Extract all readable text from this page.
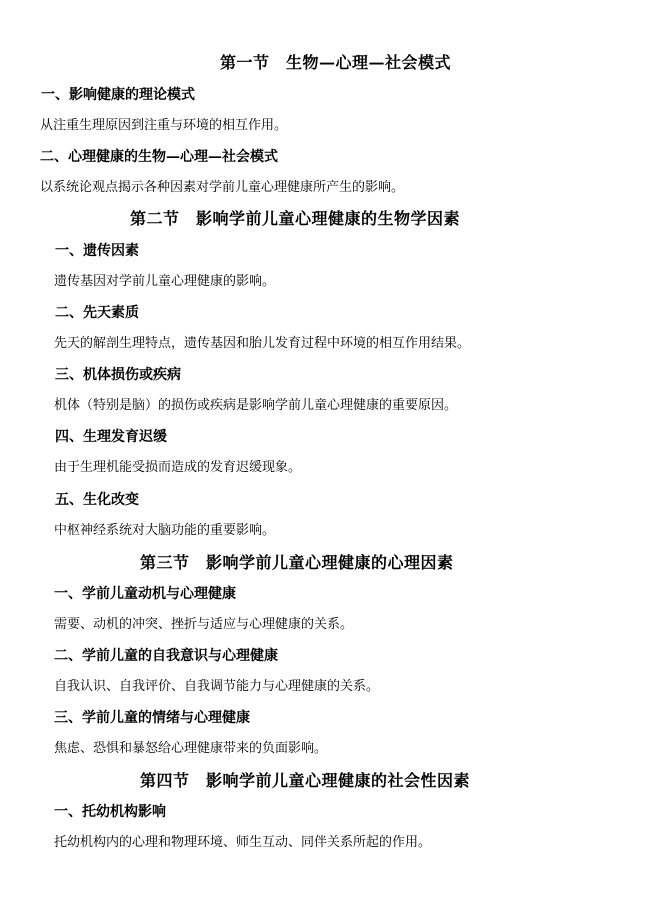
第一节　生物—心理—社会模式
一、影响健康的理论模式
从注重生理原因到注重与环境的相互作用。
二、心理健康的生物—心理—社会模式
以系统论观点揭示各种因素对学前儿童心理健康所产生的影响。
第二节　影响学前儿童心理健康的生物学因素
一、遗传因素
遗传基因对学前儿童心理健康的影响。
二、先天素质
先天的解剖生理特点，遗传基因和胎儿发育过程中环境的相互作用结果。
三、机体损伤或疾病
机体（特别是脑）的损伤或疾病是影响学前儿童心理健康的重要原因。
四、生理发育迟缓
由于生理机能受损而造成的发育迟缓现象。
五、生化改变
中枢神经系统对大脑功能的重要影响。
第三节　影响学前儿童心理健康的心理因素
一、学前儿童动机与心理健康
需要、动机的冲突、挫折与适应与心理健康的关系。
二、学前儿童的自我意识与心理健康
自我认识、自我评价、自我调节能力与心理健康的关系。
三、学前儿童的情绪与心理健康
焦虑、恐惧和暴怒给心理健康带来的负面影响。
第四节　影响学前儿童心理健康的社会性因素
一、托幼机构影响
托幼机构内的心理和物理环境、师生互动、同伴关系所起的作用。
